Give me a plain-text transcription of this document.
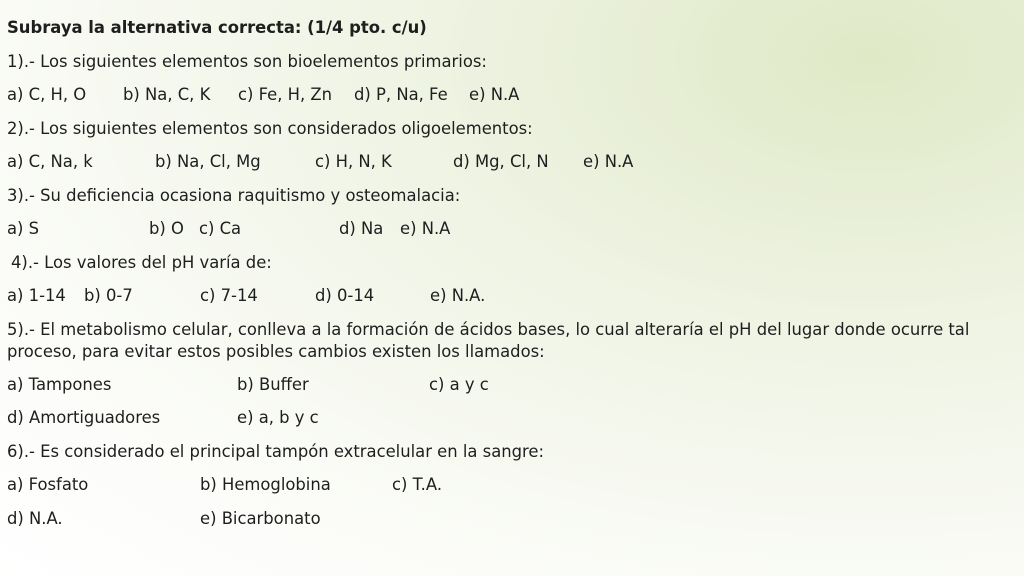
Subraya la alternativa correcta: (1/4 pto. c/u)
1).- Los siguientes elementos son bioelementos primarios:
a) C, H, O b) Na, C, K c) Fe, H, Zn d) P, Na, Fe e) N.A
2).- Los siguientes elementos son considerados oligoelementos:
a) C, Na, k	b) Na, Cl, Mg	c) H, N, K	d) Mg, Cl, N e) N.A
3).- Su deficiencia ocasiona raquitismo y osteomalacia:
a) S	b) O c) Ca	d) Na e) N.A
4).- Los valores del pH varía de:
a) 1-14 b) 0-7	c) 7-14	d) 0-14	e) N.A.
5).- El metabolismo celular, conlleva a la formación de ácidos bases, lo cual alteraría el pH del lugar donde ocurre tal proceso, para evitar estos posibles cambios existen los llamados:
a) Tampones	b) Buffer	c) a y c
d) Amortiguadores	e) a, b y c
6).- Es considerado el principal tampón extracelular en la sangre:
a) Fosfato	b) Hemoglobina	c) T.A.
d) N.A.	e) Bicarbonato
